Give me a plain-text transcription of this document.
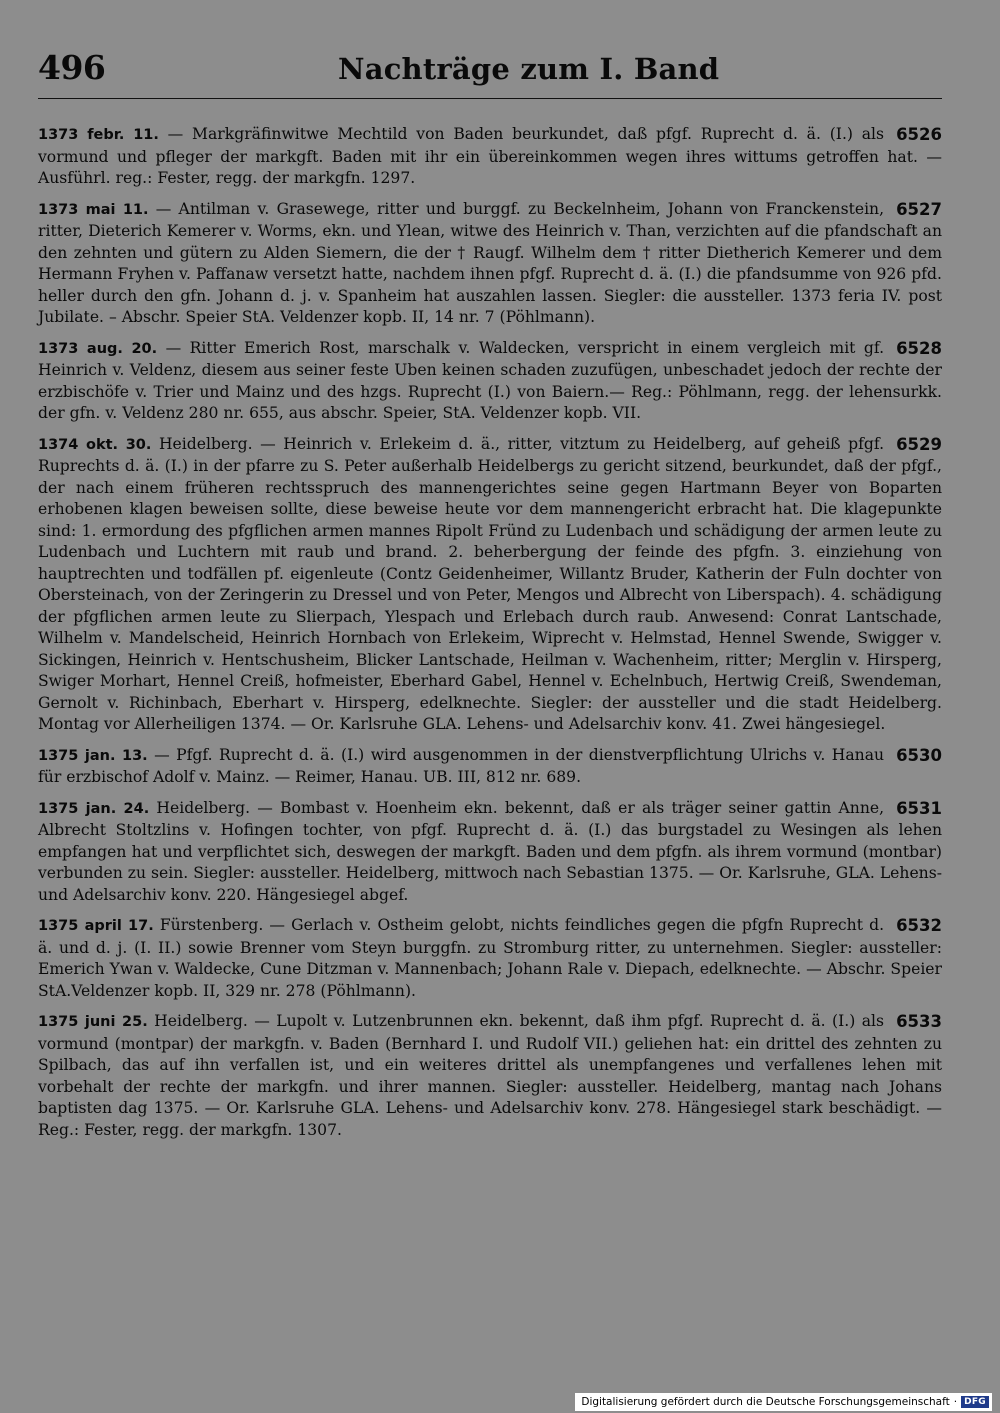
496	Nachträge zum I. Band
6526
1373 febr. 11. — Markgräfinwitwe Mechtild von Baden beurkundet, daß pfgf. Ruprecht d. ä. (I.) als vormund und pfleger der markgft. Baden mit ihr ein übereinkommen wegen ihres wittums getroffen hat. — Ausführl. reg.: Fester, regg. der markgfn. 1297.
6527
1373 mai 11. — Antilman v. Grasewege, ritter und burggf. zu Beckelnheim, Johann von Franckenstein, ritter, Dieterich Kemerer v. Worms, ekn. und Ylean, witwe des Heinrich v. Than, verzichten auf die pfandschaft an den zehnten und gütern zu Alden Siemern, die der † Raugf. Wilhelm dem † ritter Dietherich Kemerer und dem Hermann Fryhen v. Paffanaw versetzt hatte, nachdem ihnen pfgf. Ruprecht d. ä. (I.) die pfandsumme von 926 pfd. heller durch den gfn. Johann d. j. v. Spanheim hat auszahlen lassen. Siegler: die aussteller. 1373 feria IV. post Jubilate. – Abschr. Speier StA. Veldenzer kopb. II, 14 nr. 7 (Pöhlmann).
6528
1373 aug. 20. — Ritter Emerich Rost, marschalk v. Waldecken, verspricht in einem vergleich mit gf. Heinrich v. Veldenz, diesem aus seiner feste Uben keinen schaden zuzufügen, unbeschadet jedoch der rechte der erzbischöfe v. Trier und Mainz und des hzgs. Ruprecht (I.) von Baiern.— Reg.: Pöhlmann, regg. der lehensurkk. der gfn. v. Veldenz 280 nr. 655, aus abschr. Speier, StA. Veldenzer kopb. VII.
6529
1374 okt. 30. Heidelberg. — Heinrich v. Erlekeim d. ä., ritter, vitztum zu Heidelberg, auf geheiß pfgf. Ruprechts d. ä. (I.) in der pfarre zu S. Peter außerhalb Heidelbergs zu gericht sitzend, beurkundet, daß der pfgf., der nach einem früheren rechtsspruch des mannengerichtes seine gegen Hartmann Beyer von Boparten erhobenen klagen beweisen sollte, diese beweise heute vor dem mannengericht erbracht hat. Die klagepunkte sind: 1. ermordung des pfgflichen armen mannes Ripolt Fründ zu Ludenbach und schädigung der armen leute zu Ludenbach und Luchtern mit raub und brand. 2. beherbergung der feinde des pfgfn. 3. einziehung von hauptrechten und todfällen pf. eigenleute (Contz Geidenheimer, Willantz Bruder, Katherin der Fuln dochter von Obersteinach, von der Zeringerin zu Dressel und von Peter, Mengos und Albrecht von Liberspach). 4. schädigung der pfgflichen armen leute zu Slierpach, Ylespach und Erlebach durch raub. Anwesend: Conrat Lantschade, Wilhelm v. Mandelscheid, Heinrich Hornbach von Erlekeim, Wiprecht v. Helmstad, Hennel Swende, Swigger v. Sickingen, Heinrich v. Hentschusheim, Blicker Lantschade, Heilman v. Wachenheim, ritter; Merglin v. Hirsperg, Swiger Morhart, Hennel Creiß, hofmeister, Eberhard Gabel, Hennel v. Echelnbuch, Hertwig Creiß, Swendeman, Gernolt v. Richinbach, Eberhart v. Hirsperg, edelknechte. Siegler: der aussteller und die stadt Heidelberg. Montag vor Allerheiligen 1374. — Or. Karlsruhe GLA. Lehens- und Adelsarchiv konv. 41. Zwei hängesiegel.
6530
1375 jan. 13. — Pfgf. Ruprecht d. ä. (I.) wird ausgenommen in der dienstverpflichtung Ulrichs v. Hanau für erzbischof Adolf v. Mainz. — Reimer, Hanau. UB. III, 812 nr. 689.
6531
1375 jan. 24. Heidelberg. — Bombast v. Hoenheim ekn. bekennt, daß er als träger seiner gattin Anne, Albrecht Stoltzlins v. Hofingen tochter, von pfgf. Ruprecht d. ä. (I.) das burgstadel zu Wesingen als lehen empfangen hat und verpflichtet sich, deswegen der markgft. Baden und dem pfgfn. als ihrem vormund (montbar) verbunden zu sein. Siegler: aussteller. Heidelberg, mittwoch nach Sebastian 1375. — Or. Karlsruhe, GLA. Lehens- und Adelsarchiv konv. 220. Hängesiegel abgef.
6532
1375 april 17. Fürstenberg. — Gerlach v. Ostheim gelobt, nichts feindliches gegen die pfgfn Ruprecht d. ä. und d. j. (I. II.) sowie Brenner vom Steyn burggfn. zu Stromburg ritter, zu unternehmen. Siegler: aussteller: Emerich Ywan v. Waldecke, Cune Ditzman v. Mannenbach; Johann Rale v. Diepach, edelknechte. — Abschr. Speier StA.Veldenzer kopb. II, 329 nr. 278 (Pöhlmann).
6533
1375 juni 25. Heidelberg. — Lupolt v. Lutzenbrunnen ekn. bekennt, daß ihm pfgf. Ruprecht d. ä. (I.) als vormund (montpar) der markgfn. v. Baden (Bernhard I. und Rudolf VII.) geliehen hat: ein drittel des zehnten zu Spilbach, das auf ihn verfallen ist, und ein weiteres drittel als unempfangenes und verfallenes lehen mit vorbehalt der rechte der markgfn. und ihrer mannen. Siegler: aussteller. Heidelberg, mantag nach Johans baptisten dag 1375. — Or. Karlsruhe GLA. Lehens- und Adelsarchiv konv. 278. Hängesiegel stark beschädigt. — Reg.: Fester, regg. der markgfn. 1307.
Digitalisierung gefördert durch die Deutsche Forschungsgemeinschaft · DFG
